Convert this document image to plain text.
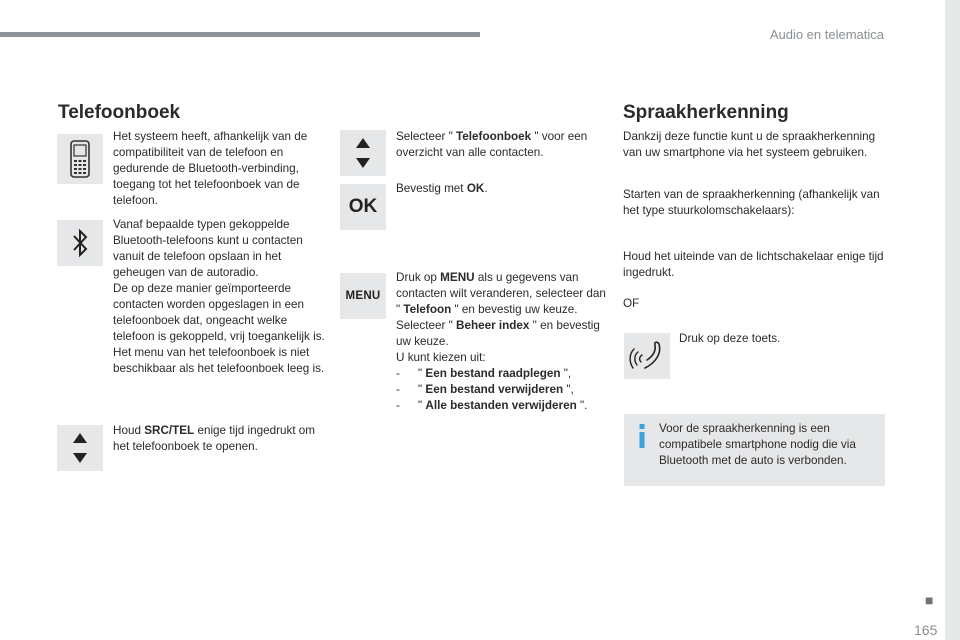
Audio en telematica
■
165
Telefoonboek

Het systeem heeft, afhankelijk van de compatibiliteit van de telefoon en gedurende de Bluetooth-verbinding, toegang tot het telefoonboek van de telefoon.

Vanaf bepaalde typen gekoppelde Bluetooth-telefoons kunt u contacten vanuit de telefoon opslaan in het geheugen van de autoradio.

De op deze manier geïmporteerde contacten worden opgeslagen in een telefoonboek dat, ongeacht welke telefoon is gekoppeld, vrij toegankelijk is.

Het menu van het telefoonboek is niet beschikbaar als het telefoonboek leeg is.

Houd SRC/TEL enige tijd ingedrukt om het telefoonboek te openen.

Selecteer " Telefoonboek " voor een overzicht van alle contacten.

OK

Bevestig met OK.

MENU

Druk op MENU als u gegevens van contacten wilt veranderen, selecteer dan " Telefoon " en bevestig uw keuze.

Selecteer " Beheer index " en bevestig uw keuze.

U kunt kiezen uit:

-	" Een bestand raadplegen ",
-	" Een bestand verwijderen ",
-	" Alle bestanden verwijderen ".
Spraakherkenning

Dankzij deze functie kunt u de spraakherkenning van uw smartphone via het systeem gebruiken.

Starten van de spraakherkenning (afhankelijk van het type stuurkolomschakelaars):

Houd het uiteinde van de lichtschakelaar enige tijd ingedrukt.

OF
Druk op deze toets.
Voor de spraakherkenning is een compatibele smartphone nodig die via Bluetooth met de auto is verbonden.
